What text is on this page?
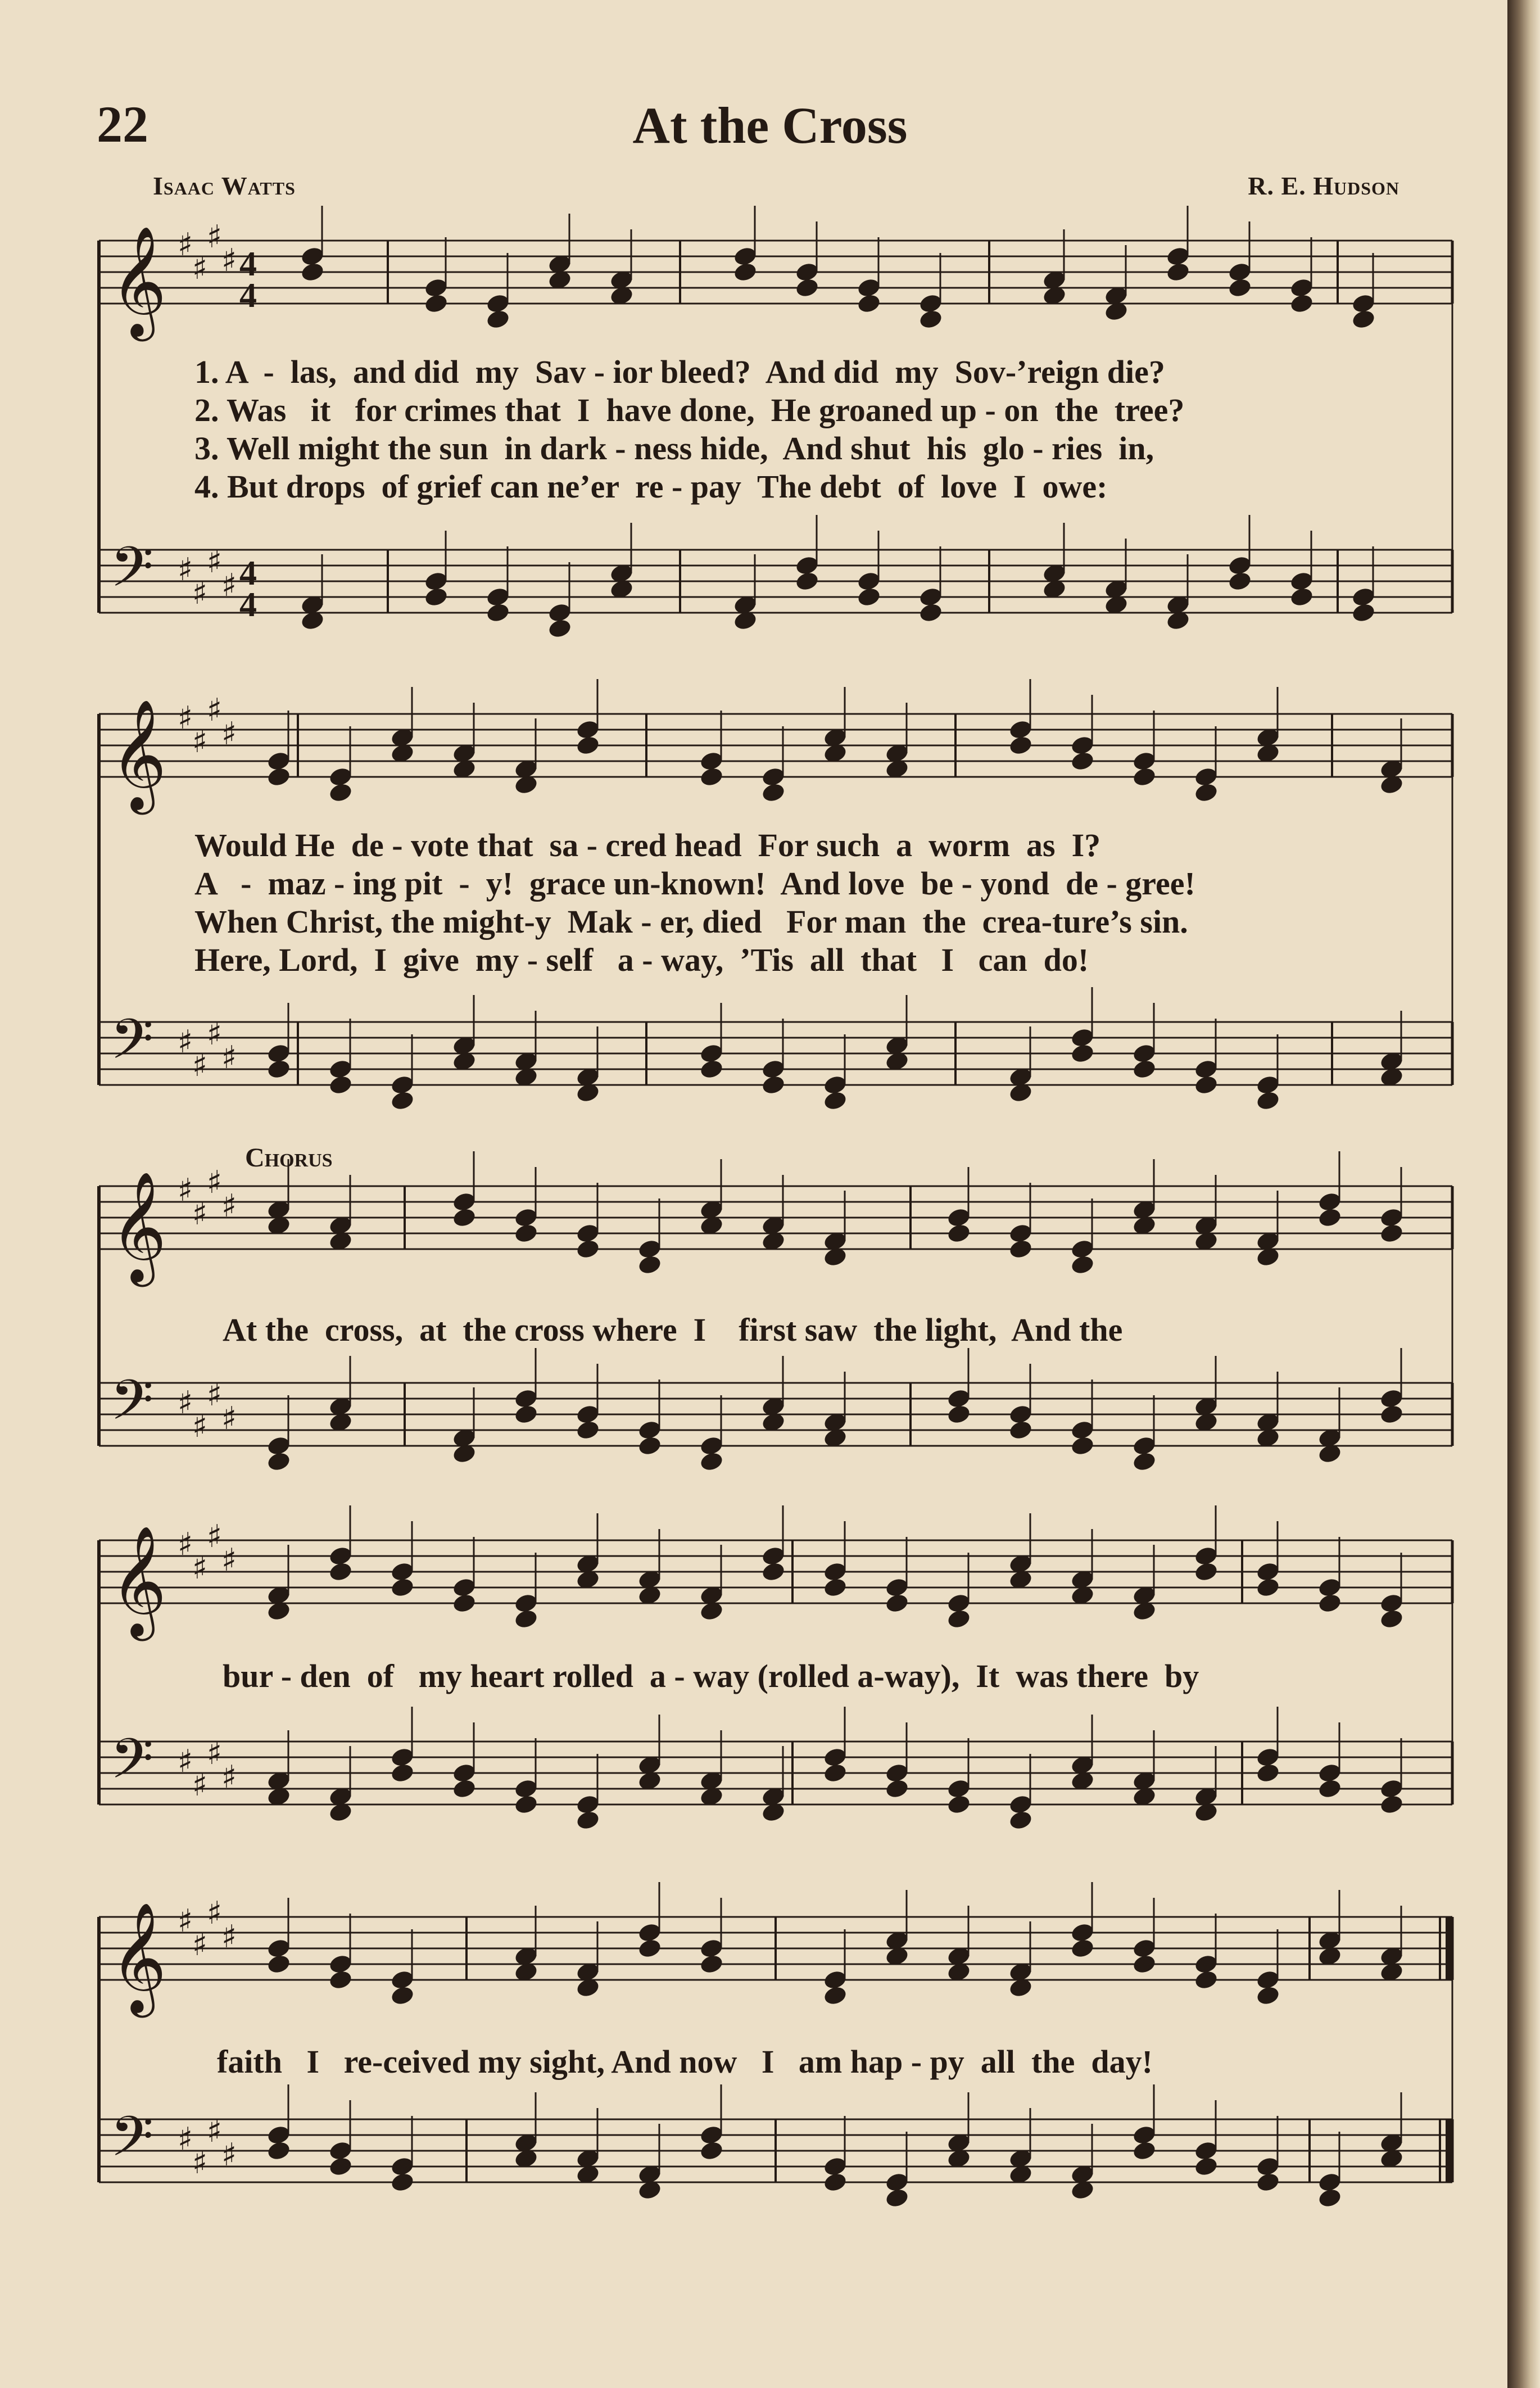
𝄞 ♯
♯
♯
♯ 4
4
𝄢 ♯
♯
♯
♯ 4
4
𝄞 ♯
♯
♯
♯
𝄢 ♯
♯
♯
♯
𝄞 ♯
♯
♯
♯
𝄢 ♯
♯
♯
♯
𝄞 ♯
♯
♯
♯
𝄢 ♯
♯
♯
♯
𝄞 ♯
♯
♯
♯
𝄢 ♯
♯
♯
♯
22	At the Cross
Isaac Watts	R. E. Hudson
1. A  -  las,  and did  my  Sav - ior bleed?  And did  my  Sov-’reign die?
2. Was   it   for crimes that  I  have done,  He groaned up - on  the  tree?
3. Well might the sun  in dark - ness hide,  And shut  his  glo - ries  in,
4. But drops  of grief can ne’er  re - pay  The debt  of  love  I  owe:
Would He  de - vote that  sa - cred head  For such  a  worm  as  I?
A   -  maz - ing pit  -  y!  grace un-known!  And love  be - yond  de - gree!
When Christ, the might-y  Mak - er, died   For man  the  crea-ture’s sin.
Here, Lord,  I  give  my - self   a - way,  ’Tis  all  that   I   can  do!
Chorus
At the  cross,  at  the cross where  I    first saw  the light,  And the
bur - den  of   my heart rolled  a - way (rolled a-way),  It  was there  by
faith   I   re-ceived my sight, And now   I   am hap - py  all  the  day!
